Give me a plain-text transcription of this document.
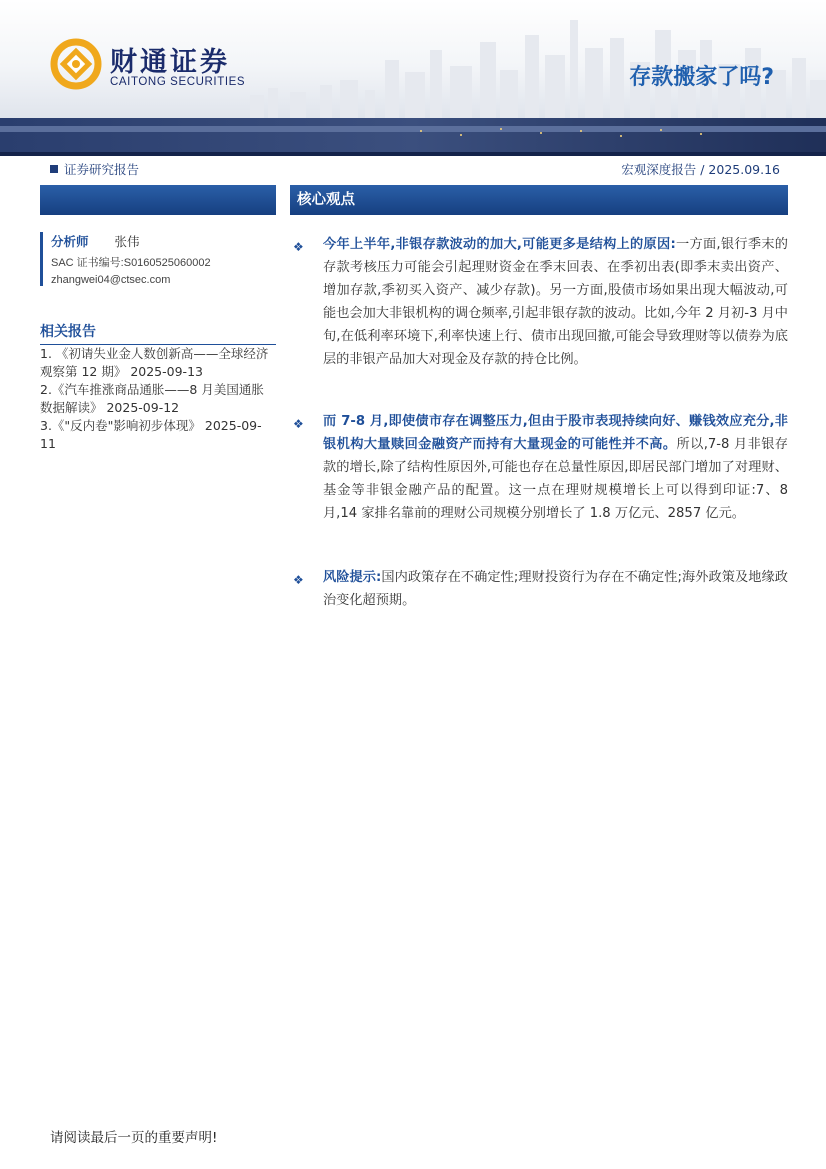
财通证券
CAITONG SECURITIES	存款搬家了吗?
证券研究报告	宏观深度报告 / 2025.09.16
分析师 张伟
SAC 证书编号:S0160525060002
zhangwei04@ctsec.com
相关报告
1. 《初请失业金人数创新高——全球经济观察第 12 期》 2025-09-13
2.《汽车推涨商品通胀——8 月美国通胀数据解读》 2025-09-12
3.《"反内卷"影响初步体现》 2025-09-11
核心观点
❖ 今年上半年,非银存款波动的加大,可能更多是结构上的原因:一方面,银行季末的存款考核压力可能会引起理财资金在季末回表、在季初出表(即季末卖出资产、增加存款,季初买入资产、减少存款)。另一方面,股债市场如果出现大幅波动,可能也会加大非银机构的调仓频率,引起非银存款的波动。比如,今年 2 月初-3 月中旬,在低利率环境下,利率快速上行、债市出现回撤,可能会导致理财等以债券为底层的非银产品加大对现金及存款的持仓比例。
❖ 而 7-8 月,即使债市存在调整压力,但由于股市表现持续向好、赚钱效应充分,非银机构大量赎回金融资产而持有大量现金的可能性并不高。所以,7-8 月非银存款的增长,除了结构性原因外,可能也存在总量性原因,即居民部门增加了对理财、基金等非银金融产品的配置。这一点在理财规模增长上可以得到印证:7、8 月,14 家排名靠前的理财公司规模分别增长了 1.8 万亿元、2857 亿元。
❖ 风险提示:国内政策存在不确定性;理财投资行为存在不确定性;海外政策及地缘政治变化超预期。
请阅读最后一页的重要声明!
